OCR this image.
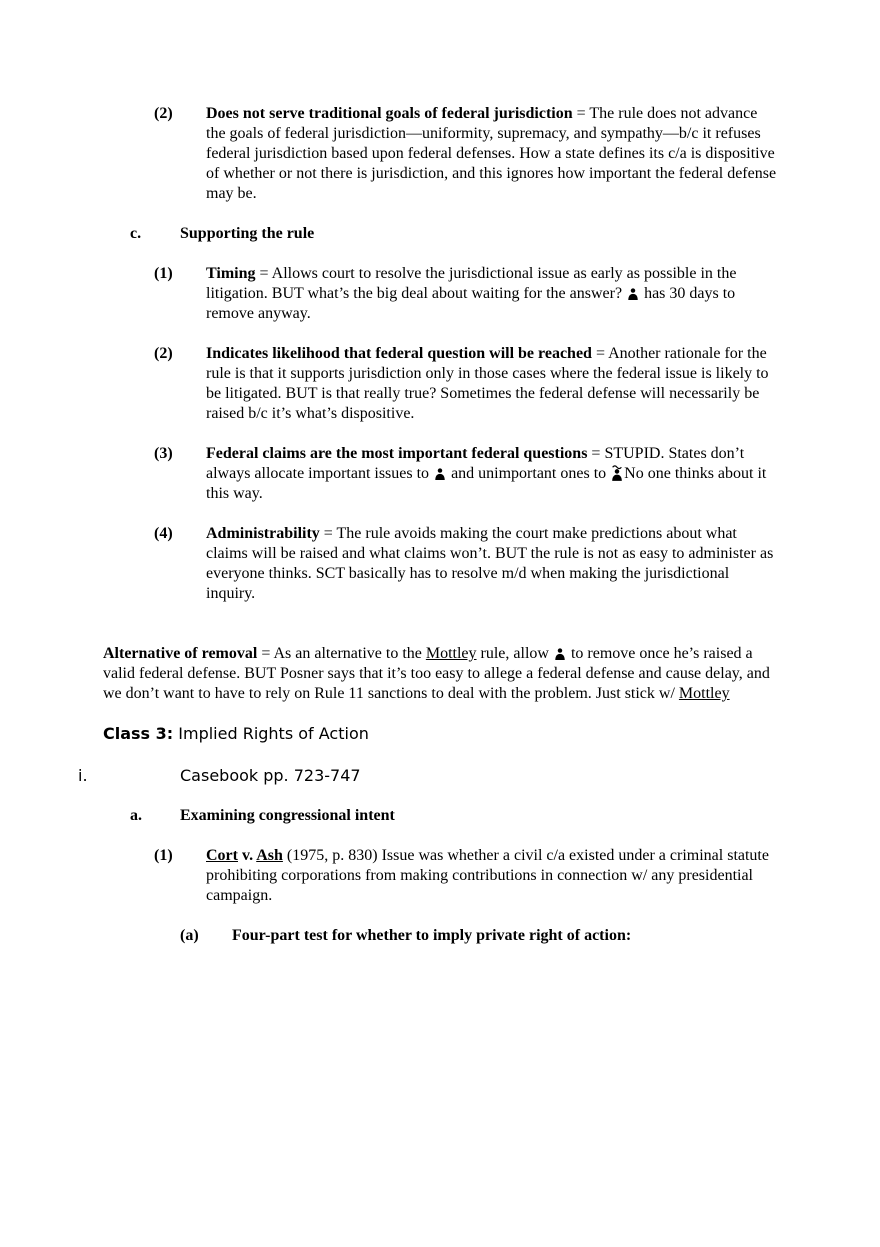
(2) Does not serve traditional goals of federal jurisdiction = The rule does not advance the goals of federal jurisdiction—uniformity, supremacy, and sympathy—b/c it refuses federal jurisdiction based upon federal defenses. How a state defines its c/a is dispositive of whether or not there is jurisdiction, and this ignores how important the federal defense may be.

c. Supporting the rule

(1) Timing = Allows court to resolve the jurisdictional issue as early as possible in the litigation. BUT what’s the big deal about waiting for the answer?  has 30 days to remove anyway.

(2) Indicates likelihood that federal question will be reached = Another rationale for the rule is that it supports jurisdiction only in those cases where the federal issue is likely to be litigated. BUT is that really true? Sometimes the federal defense will necessarily be raised b/c it’s what’s dispositive.

(3) Federal claims are the most important federal questions = STUPID. States don’t always allocate important issues to  and unimportant ones to No one thinks about it this way.

(4) Administrability = The rule avoids making the court make predictions about what claims will be raised and what claims won’t. BUT the rule is not as easy to administer as everyone thinks. SCT basically has to resolve m/d when making the jurisdictional inquiry.

Alternative of removal = As an alternative to the Mottley rule, allow  to remove once he’s raised a valid federal defense. BUT Posner says that it’s too easy to allege a federal defense and cause delay, and we don’t want to have to rely on Rule 11 sanctions to deal with the problem. Just stick w/ Mottley

Class 3: Implied Rights of Action

i.	Casebook pp. 723-747

a. Examining congressional intent

(1) Cort v. Ash (1975, p. 830) Issue was whether a civil c/a existed under a criminal statute prohibiting corporations from making contributions in connection w/ any presidential campaign.

(a) Four-part test for whether to imply private right of action:
